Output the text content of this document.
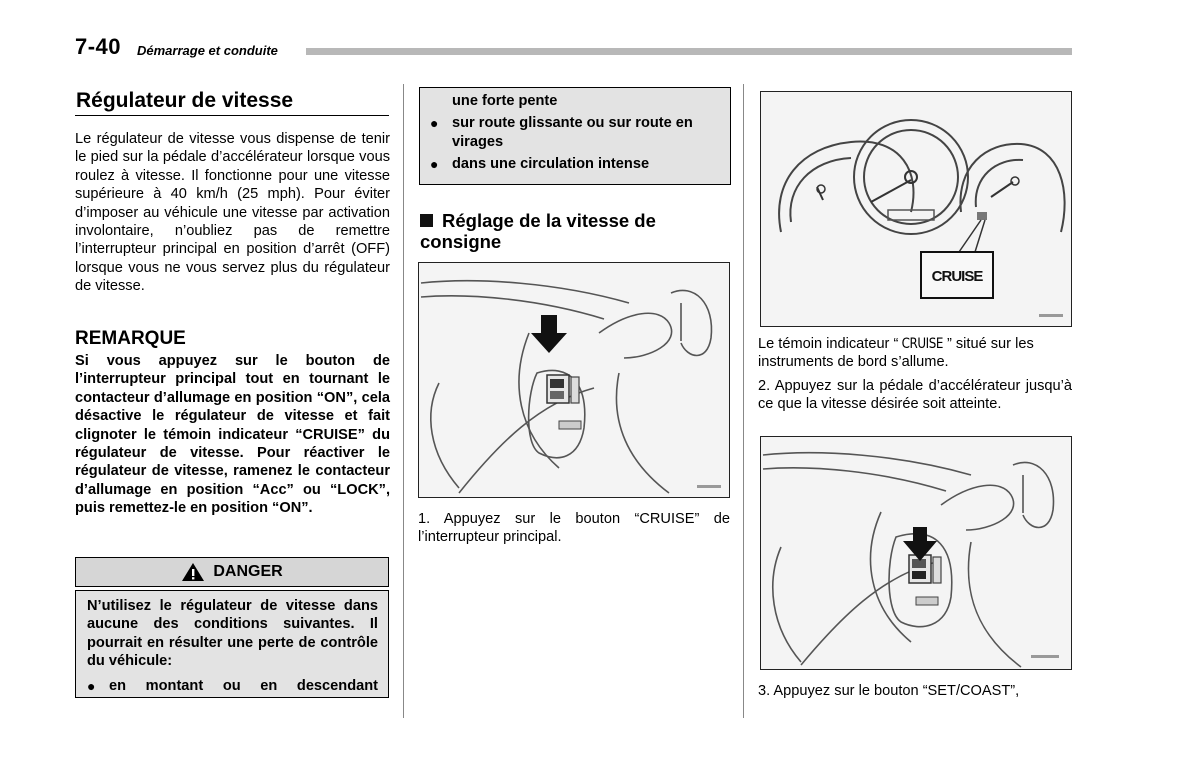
7-40 Démarrage et conduite
Régulateur de vitesse
Le régulateur de vitesse vous dispense de tenir le pied sur la pédale d’accélérateur lorsque vous roulez à vitesse. Il fonctionne pour une vitesse supérieure à 40 km/h (25 mph). Pour éviter d’imposer au véhicule une vitesse par activation involontaire, n’oubliez pas de remettre l’interrupteur principal en position d’arrêt (OFF) lorsque vous ne vous servez plus du régulateur de vitesse.
REMARQUE
Si vous appuyez sur le bouton de l’interrupteur principal tout en tournant le contacteur d’allumage en position “ON”, cela désactive le régulateur de vitesse et fait clignoter le témoin indicateur “CRUISE” du régulateur de vitesse. Pour réactiver le régulateur de vitesse, ramenez le contacteur d’allumage en position “Acc” ou “LOCK”, puis remettez-le en position “ON”.
DANGER
N’utilisez le régulateur de vitesse dans aucune des conditions suivantes. Il pourrait en résulter une perte de contrôle du véhicule:
● en montant ou en descendant
une forte pente
● sur route glissante ou sur route en virages
● dans une circulation intense
Réglage de la vitesse de consigne
1. Appuyez sur le bouton “CRUISE” de l’interrupteur principal.
CRUISE
Le témoin indicateur “ CRUISE ” situé sur les instruments de bord s’allume.
2. Appuyez sur la pédale d’accélérateur jusqu’à ce que la vitesse désirée soit atteinte.
3. Appuyez sur le bouton “SET/COAST”,
